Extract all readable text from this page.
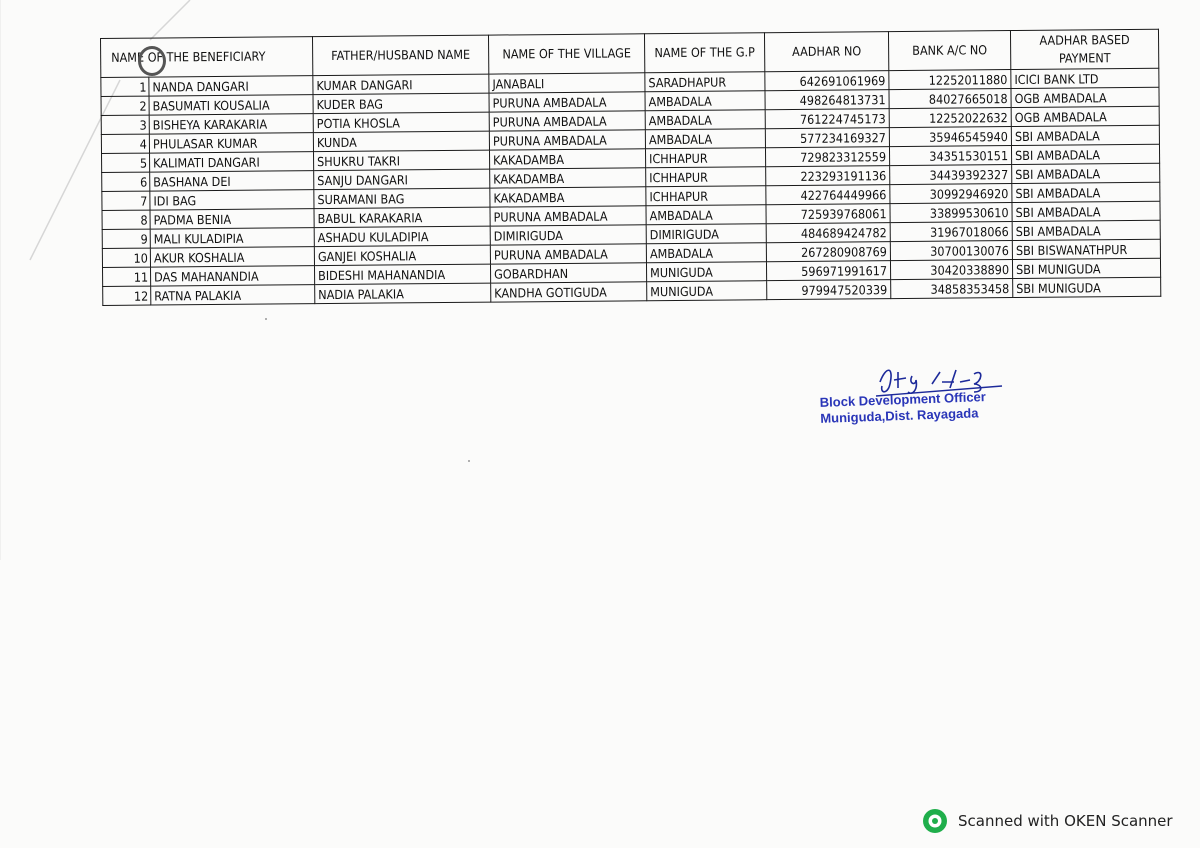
NAME OF THE BENEFICIARY		FATHER/HUSBAND NAME	NAME OF THE VILLAGE	NAME OF THE G.P	AADHAR NO	BANK A/C NO	AADHAR BASED PAYMENT
1	NANDA DANGARI	KUMAR DANGARI	JANABALI	SARADHAPUR	642691061969	12252011880	ICICI BANK LTD
2	BASUMATI KOUSALIA	KUDER BAG	PURUNA AMBADALA	AMBADALA	498264813731	84027665018	OGB AMBADALA
3	BISHEYA KARAKARIA	POTIA KHOSLA	PURUNA AMBADALA	AMBADALA	761224745173	12252022632	OGB AMBADALA
4	PHULASAR KUMAR	KUNDA	PURUNA AMBADALA	AMBADALA	577234169327	35946545940	SBI AMBADALA
5	KALIMATI DANGARI	SHUKRU TAKRI	KAKADAMBA	ICHHAPUR	729823312559	34351530151	SBI AMBADALA
6	BASHANA DEI	SANJU DANGARI	KAKADAMBA	ICHHAPUR	223293191136	34439392327	SBI AMBADALA
7	IDI BAG	SURAMANI BAG	KAKADAMBA	ICHHAPUR	422764449966	30992946920	SBI AMBADALA
8	PADMA BENIA	BABUL KARAKARIA	PURUNA AMBADALA	AMBADALA	725939768061	33899530610	SBI AMBADALA
9	MALI KULADIPIA	ASHADU KULADIPIA	DIMIRIGUDA	DIMIRIGUDA	484689424782	31967018066	SBI AMBADALA
10	AKUR KOSHALIA	GANJEI KOSHALIA	PURUNA AMBADALA	AMBADALA	267280908769	30700130076	SBI BISWANATHPUR
11	DAS MAHANANDIA	BIDESHI MAHANANDIA	GOBARDHAN	MUNIGUDA	596971991617	30420338890	SBI MUNIGUDA
12	RATNA PALAKIA	NADIA PALAKIA	KANDHA GOTIGUDA	MUNIGUDA	979947520339	34858353458	SBI MUNIGUDA
Block Development Officer
Muniguda,Dist. Rayagada
Scanned with OKEN Scanner
